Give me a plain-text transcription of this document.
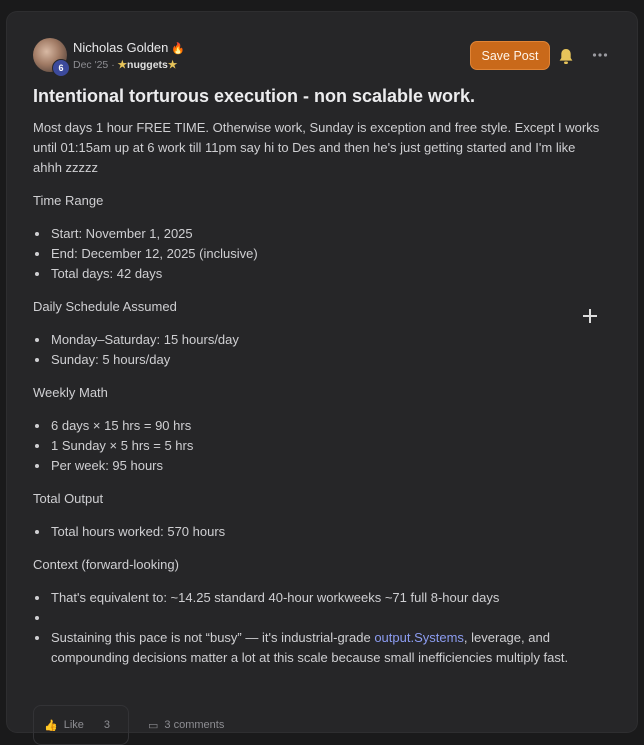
6
Nicholas Golden 🔥
Dec '25 · ★nuggets★
Save Post
Intentional torturous execution - non scalable work.

Most days 1 hour FREE TIME. Otherwise work, Sunday is exception and free style. Except I works until 01:15am up at 6 work till 11pm say hi to Des and then he's just getting started and I'm like ahhh zzzzz

Time Range

Start: November 1, 2025
End: December 12, 2025 (inclusive)
Total days: 42 days

Daily Schedule Assumed

Monday–Saturday: 15 hours/day
Sunday: 5 hours/day

Weekly Math

6 days × 15 hrs = 90 hrs
1 Sunday × 5 hrs = 5 hrs
Per week: 95 hours

Total Output

Total hours worked: 570 hours

Context (forward-looking)

That's equivalent to: ~14.25 standard 40-hour workweeks ~71 full 8-hour days
Sustaining this pace is not “busy” — it's industrial-grade output.Systems, leverage, and compounding decisions matter a lot at this scale because small inefficiencies multiply fast.
👍 Like 3	▭ 3 comments
